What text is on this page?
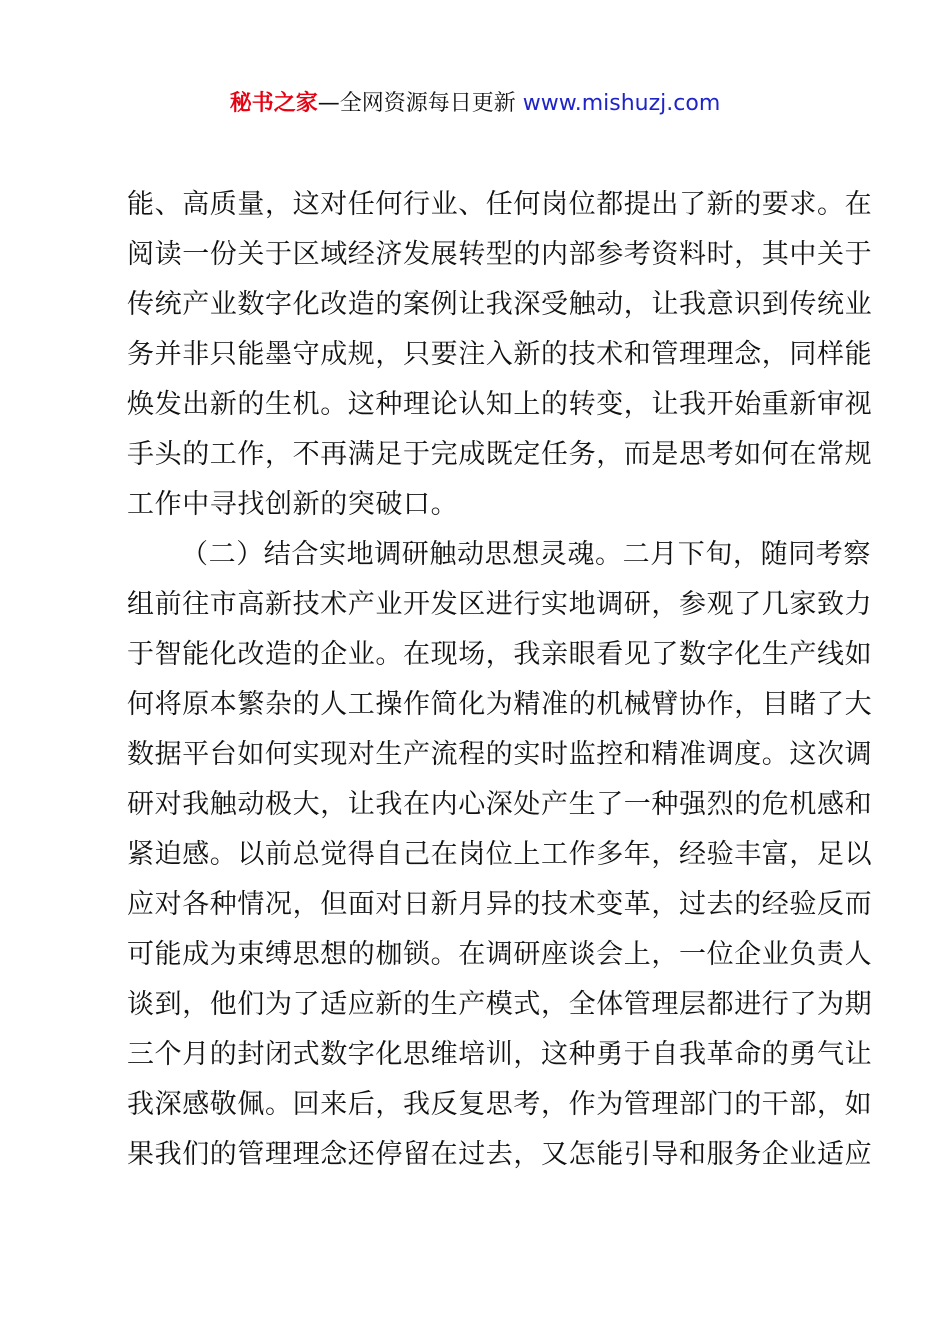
秘书之家—全网资源每日更新 www.mishuzj.com
能、高质量，这对任何行业、任何岗位都提出了新的要求。在
阅读一份关于区域经济发展转型的内部参考资料时，其中关于
传统产业数字化改造的案例让我深受触动，让我意识到传统业
务并非只能墨守成规，只要注入新的技术和管理理念，同样能
焕发出新的生机。这种理论认知上的转变，让我开始重新审视
手头的工作，不再满足于完成既定任务，而是思考如何在常规
工作中寻找创新的突破口。
（二）结合实地调研触动思想灵魂。二月下旬，随同考察
组前往市高新技术产业开发区进行实地调研，参观了几家致力
于智能化改造的企业。在现场，我亲眼看见了数字化生产线如
何将原本繁杂的人工操作简化为精准的机械臂协作，目睹了大
数据平台如何实现对生产流程的实时监控和精准调度。这次调
研对我触动极大，让我在内心深处产生了一种强烈的危机感和
紧迫感。以前总觉得自己在岗位上工作多年，经验丰富，足以
应对各种情况，但面对日新月异的技术变革，过去的经验反而
可能成为束缚思想的枷锁。在调研座谈会上，一位企业负责人
谈到，他们为了适应新的生产模式，全体管理层都进行了为期
三个月的封闭式数字化思维培训，这种勇于自我革命的勇气让
我深感敬佩。回来后，我反复思考，作为管理部门的干部，如
果我们的管理理念还停留在过去，又怎能引导和服务企业适应
